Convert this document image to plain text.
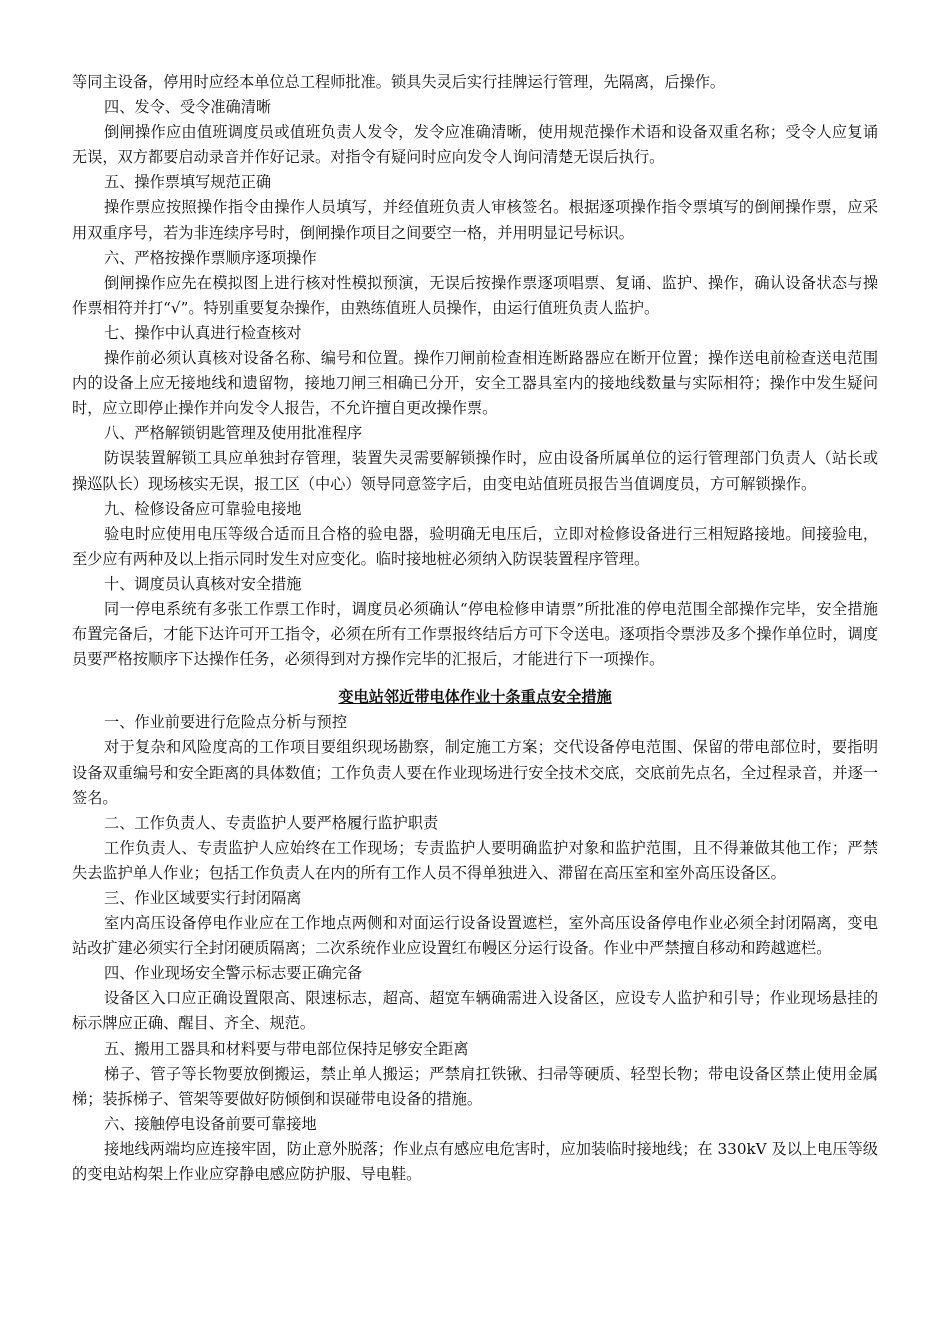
等同主设备，停用时应经本单位总工程师批准。锁具失灵后实行挂牌运行管理，先隔离，后操作。
四、发令、受令准确清晰
倒闸操作应由值班调度员或值班负责人发令，发令应准确清晰，使用规范操作术语和设备双重名称；受令人应复诵无误，双方都要启动录音并作好记录。对指令有疑问时应向发令人询问清楚无误后执行。
五、操作票填写规范正确
操作票应按照操作指令由操作人员填写，并经值班负责人审核签名。根据逐项操作指令票填写的倒闸操作票，应采用双重序号，若为非连续序号时，倒闸操作项目之间要空一格，并用明显记号标识。
六、严格按操作票顺序逐项操作
倒闸操作应先在模拟图上进行核对性模拟预演，无误后按操作票逐项唱票、复诵、监护、操作，确认设备状态与操作票相符并打“√”。特别重要复杂操作，由熟练值班人员操作，由运行值班负责人监护。
七、操作中认真进行检查核对
操作前必须认真核对设备名称、编号和位置。操作刀闸前检查相连断路器应在断开位置；操作送电前检查送电范围内的设备上应无接地线和遗留物，接地刀闸三相确已分开，安全工器具室内的接地线数量与实际相符；操作中发生疑问时，应立即停止操作并向发令人报告，不允许擅自更改操作票。
八、严格解锁钥匙管理及使用批准程序
防误装置解锁工具应单独封存管理，装置失灵需要解锁操作时，应由设备所属单位的运行管理部门负责人（站长或操巡队长）现场核实无误，报工区（中心）领导同意签字后，由变电站值班员报告当值调度员，方可解锁操作。
九、检修设备应可靠验电接地
验电时应使用电压等级合适而且合格的验电器，验明确无电压后，立即对检修设备进行三相短路接地。间接验电，至少应有两种及以上指示同时发生对应变化。临时接地桩必须纳入防误装置程序管理。
十、调度员认真核对安全措施
同一停电系统有多张工作票工作时，调度员必须确认“停电检修申请票”所批准的停电范围全部操作完毕，安全措施布置完备后，才能下达许可开工指令，必须在所有工作票报终结后方可下令送电。逐项指令票涉及多个操作单位时，调度员要严格按顺序下达操作任务，必须得到对方操作完毕的汇报后，才能进行下一项操作。
变电站邻近带电体作业十条重点安全措施
一、作业前要进行危险点分析与预控
对于复杂和风险度高的工作项目要组织现场勘察，制定施工方案；交代设备停电范围、保留的带电部位时，要指明设备双重编号和安全距离的具体数值；工作负责人要在作业现场进行安全技术交底，交底前先点名，全过程录音，并逐一签名。
二、工作负责人、专责监护人要严格履行监护职责
工作负责人、专责监护人应始终在工作现场；专责监护人要明确监护对象和监护范围，且不得兼做其他工作；严禁失去监护单人作业；包括工作负责人在内的所有工作人员不得单独进入、滞留在高压室和室外高压设备区。
三、作业区域要实行封闭隔离
室内高压设备停电作业应在工作地点两侧和对面运行设备设置遮栏，室外高压设备停电作业必须全封闭隔离，变电站改扩建必须实行全封闭硬质隔离；二次系统作业应设置红布幔区分运行设备。作业中严禁擅自移动和跨越遮栏。
四、作业现场安全警示标志要正确完备
设备区入口应正确设置限高、限速标志，超高、超宽车辆确需进入设备区，应设专人监护和引导；作业现场悬挂的标示牌应正确、醒目、齐全、规范。
五、搬用工器具和材料要与带电部位保持足够安全距离
梯子、管子等长物要放倒搬运，禁止单人搬运；严禁肩扛铁锹、扫帚等硬质、轻型长物；带电设备区禁止使用金属梯；装拆梯子、管架等要做好防倾倒和误碰带电设备的措施。
六、接触停电设备前要可靠接地
接地线两端均应连接牢固，防止意外脱落；作业点有感应电危害时，应加装临时接地线；在 330kV 及以上电压等级的变电站构架上作业应穿静电感应防护服、导电鞋。
